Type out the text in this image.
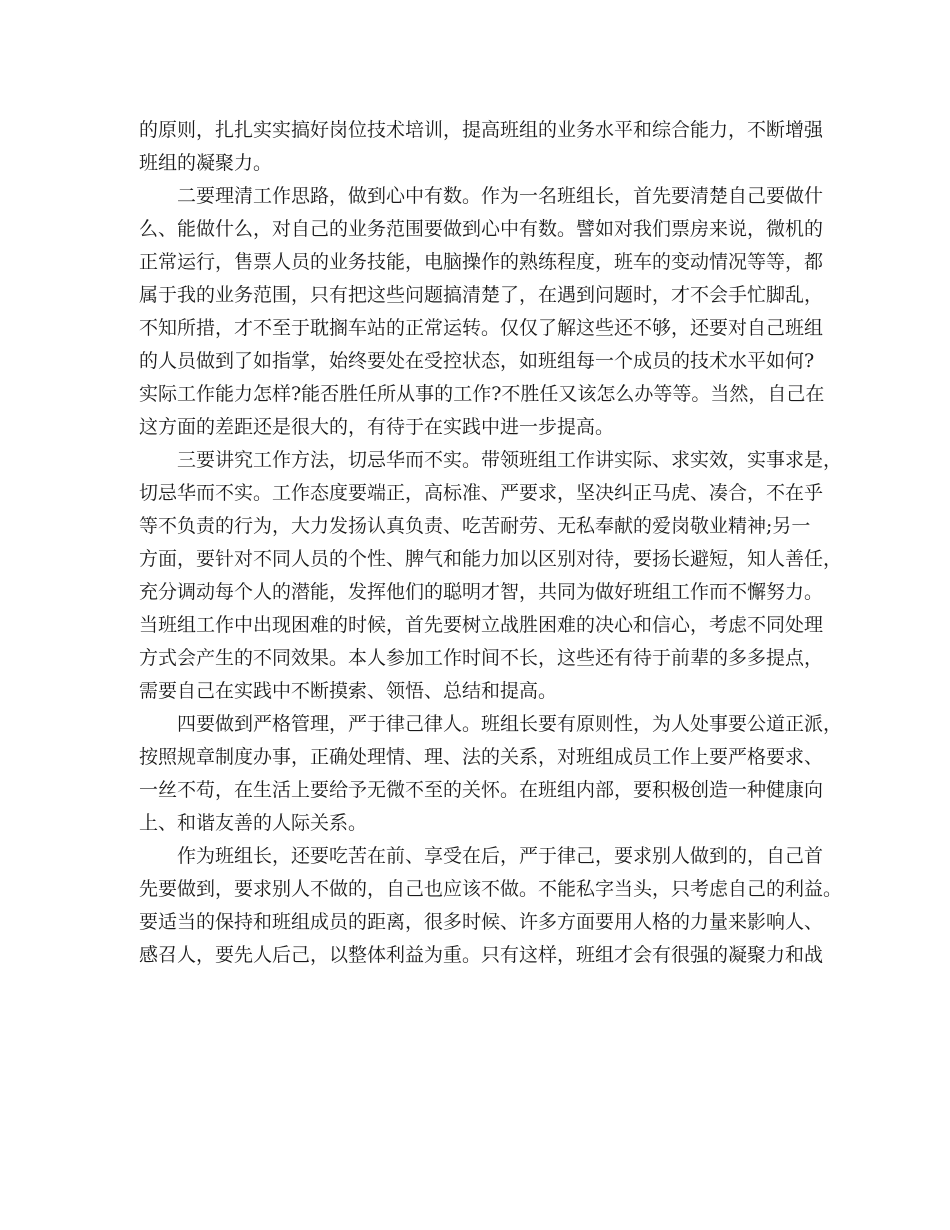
的原则，扎扎实实搞好岗位技术培训，提高班组的业务水平和综合能力，不断增强
班组的凝聚力。
二要理清工作思路，做到心中有数。作为一名班组长，首先要清楚自己要做什
么、能做什么，对自己的业务范围要做到心中有数。譬如对我们票房来说，微机的
正常运行，售票人员的业务技能，电脑操作的熟练程度，班车的变动情况等等，都
属于我的业务范围，只有把这些问题搞清楚了，在遇到问题时，才不会手忙脚乱，
不知所措，才不至于耽搁车站的正常运转。仅仅了解这些还不够，还要对自己班组
的人员做到了如指掌，始终要处在受控状态，如班组每一个成员的技术水平如何?
实际工作能力怎样?能否胜任所从事的工作?不胜任又该怎么办等等。当然，自己在
这方面的差距还是很大的，有待于在实践中进一步提高。
三要讲究工作方法，切忌华而不实。带领班组工作讲实际、求实效，实事求是，
切忌华而不实。工作态度要端正，高标准、严要求，坚决纠正马虎、凑合，不在乎
等不负责的行为，大力发扬认真负责、吃苦耐劳、无私奉献的爱岗敬业精神;另一
方面，要针对不同人员的个性、脾气和能力加以区别对待，要扬长避短，知人善任，
充分调动每个人的潜能，发挥他们的聪明才智，共同为做好班组工作而不懈努力。
当班组工作中出现困难的时候，首先要树立战胜困难的决心和信心，考虑不同处理
方式会产生的不同效果。本人参加工作时间不长，这些还有待于前辈的多多提点，
需要自己在实践中不断摸索、领悟、总结和提高。
四要做到严格管理，严于律己律人。班组长要有原则性，为人处事要公道正派，
按照规章制度办事，正确处理情、理、法的关系，对班组成员工作上要严格要求、
一丝不苟，在生活上要给予无微不至的关怀。在班组内部，要积极创造一种健康向
上、和谐友善的人际关系。
作为班组长，还要吃苦在前、享受在后，严于律己，要求别人做到的，自己首
先要做到，要求别人不做的，自己也应该不做。不能私字当头，只考虑自己的利益。
要适当的保持和班组成员的距离，很多时候、许多方面要用人格的力量来影响人、
感召人，要先人后己，以整体利益为重。只有这样，班组才会有很强的凝聚力和战
